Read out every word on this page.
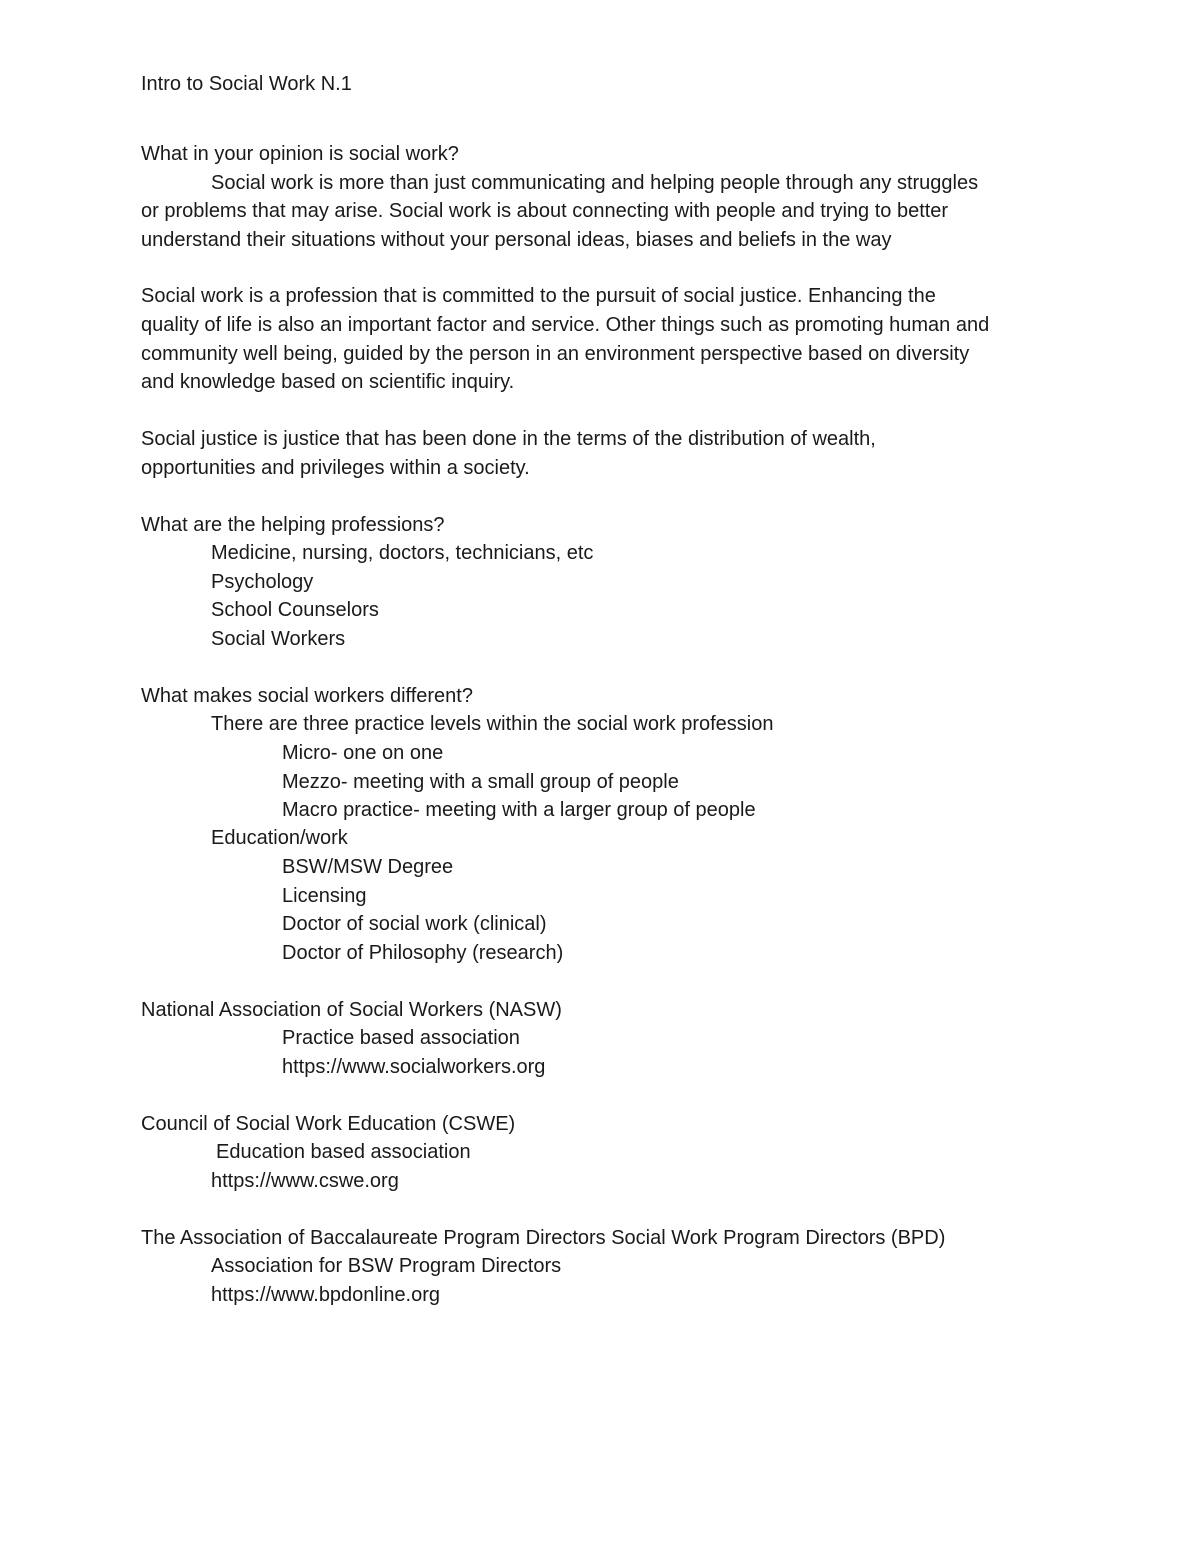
Intro to Social Work N.1
What in your opinion is social work?
Social work is more than just communicating and helping people through any struggles
or problems that may arise. Social work is about connecting with people and trying to better
understand their situations without your personal ideas, biases and beliefs in the way
Social work is a profession that is committed to the pursuit of social justice. Enhancing the
quality of life is also an important factor and service. Other things such as promoting human and
community well being, guided by the person in an environment perspective based on diversity
and knowledge based on scientific inquiry.
Social justice is justice that has been done in the terms of the distribution of wealth,
opportunities and privileges within a society.
What are the helping professions?
Medicine, nursing, doctors, technicians, etc
Psychology
School Counselors
Social Workers
What makes social workers different?
There are three practice levels within the social work profession
Micro- one on one
Mezzo- meeting with a small group of people
Macro practice- meeting with a larger group of people
Education/work
BSW/MSW Degree
Licensing
Doctor of social work (clinical)
Doctor of Philosophy (research)
National Association of Social Workers (NASW)
Practice based association
https://www.socialworkers.org
Council of Social Work Education (CSWE)
Education based association
https://www.cswe.org
The Association of Baccalaureate Program Directors Social Work Program Directors (BPD)
Association for BSW Program Directors
https://www.bpdonline.org
